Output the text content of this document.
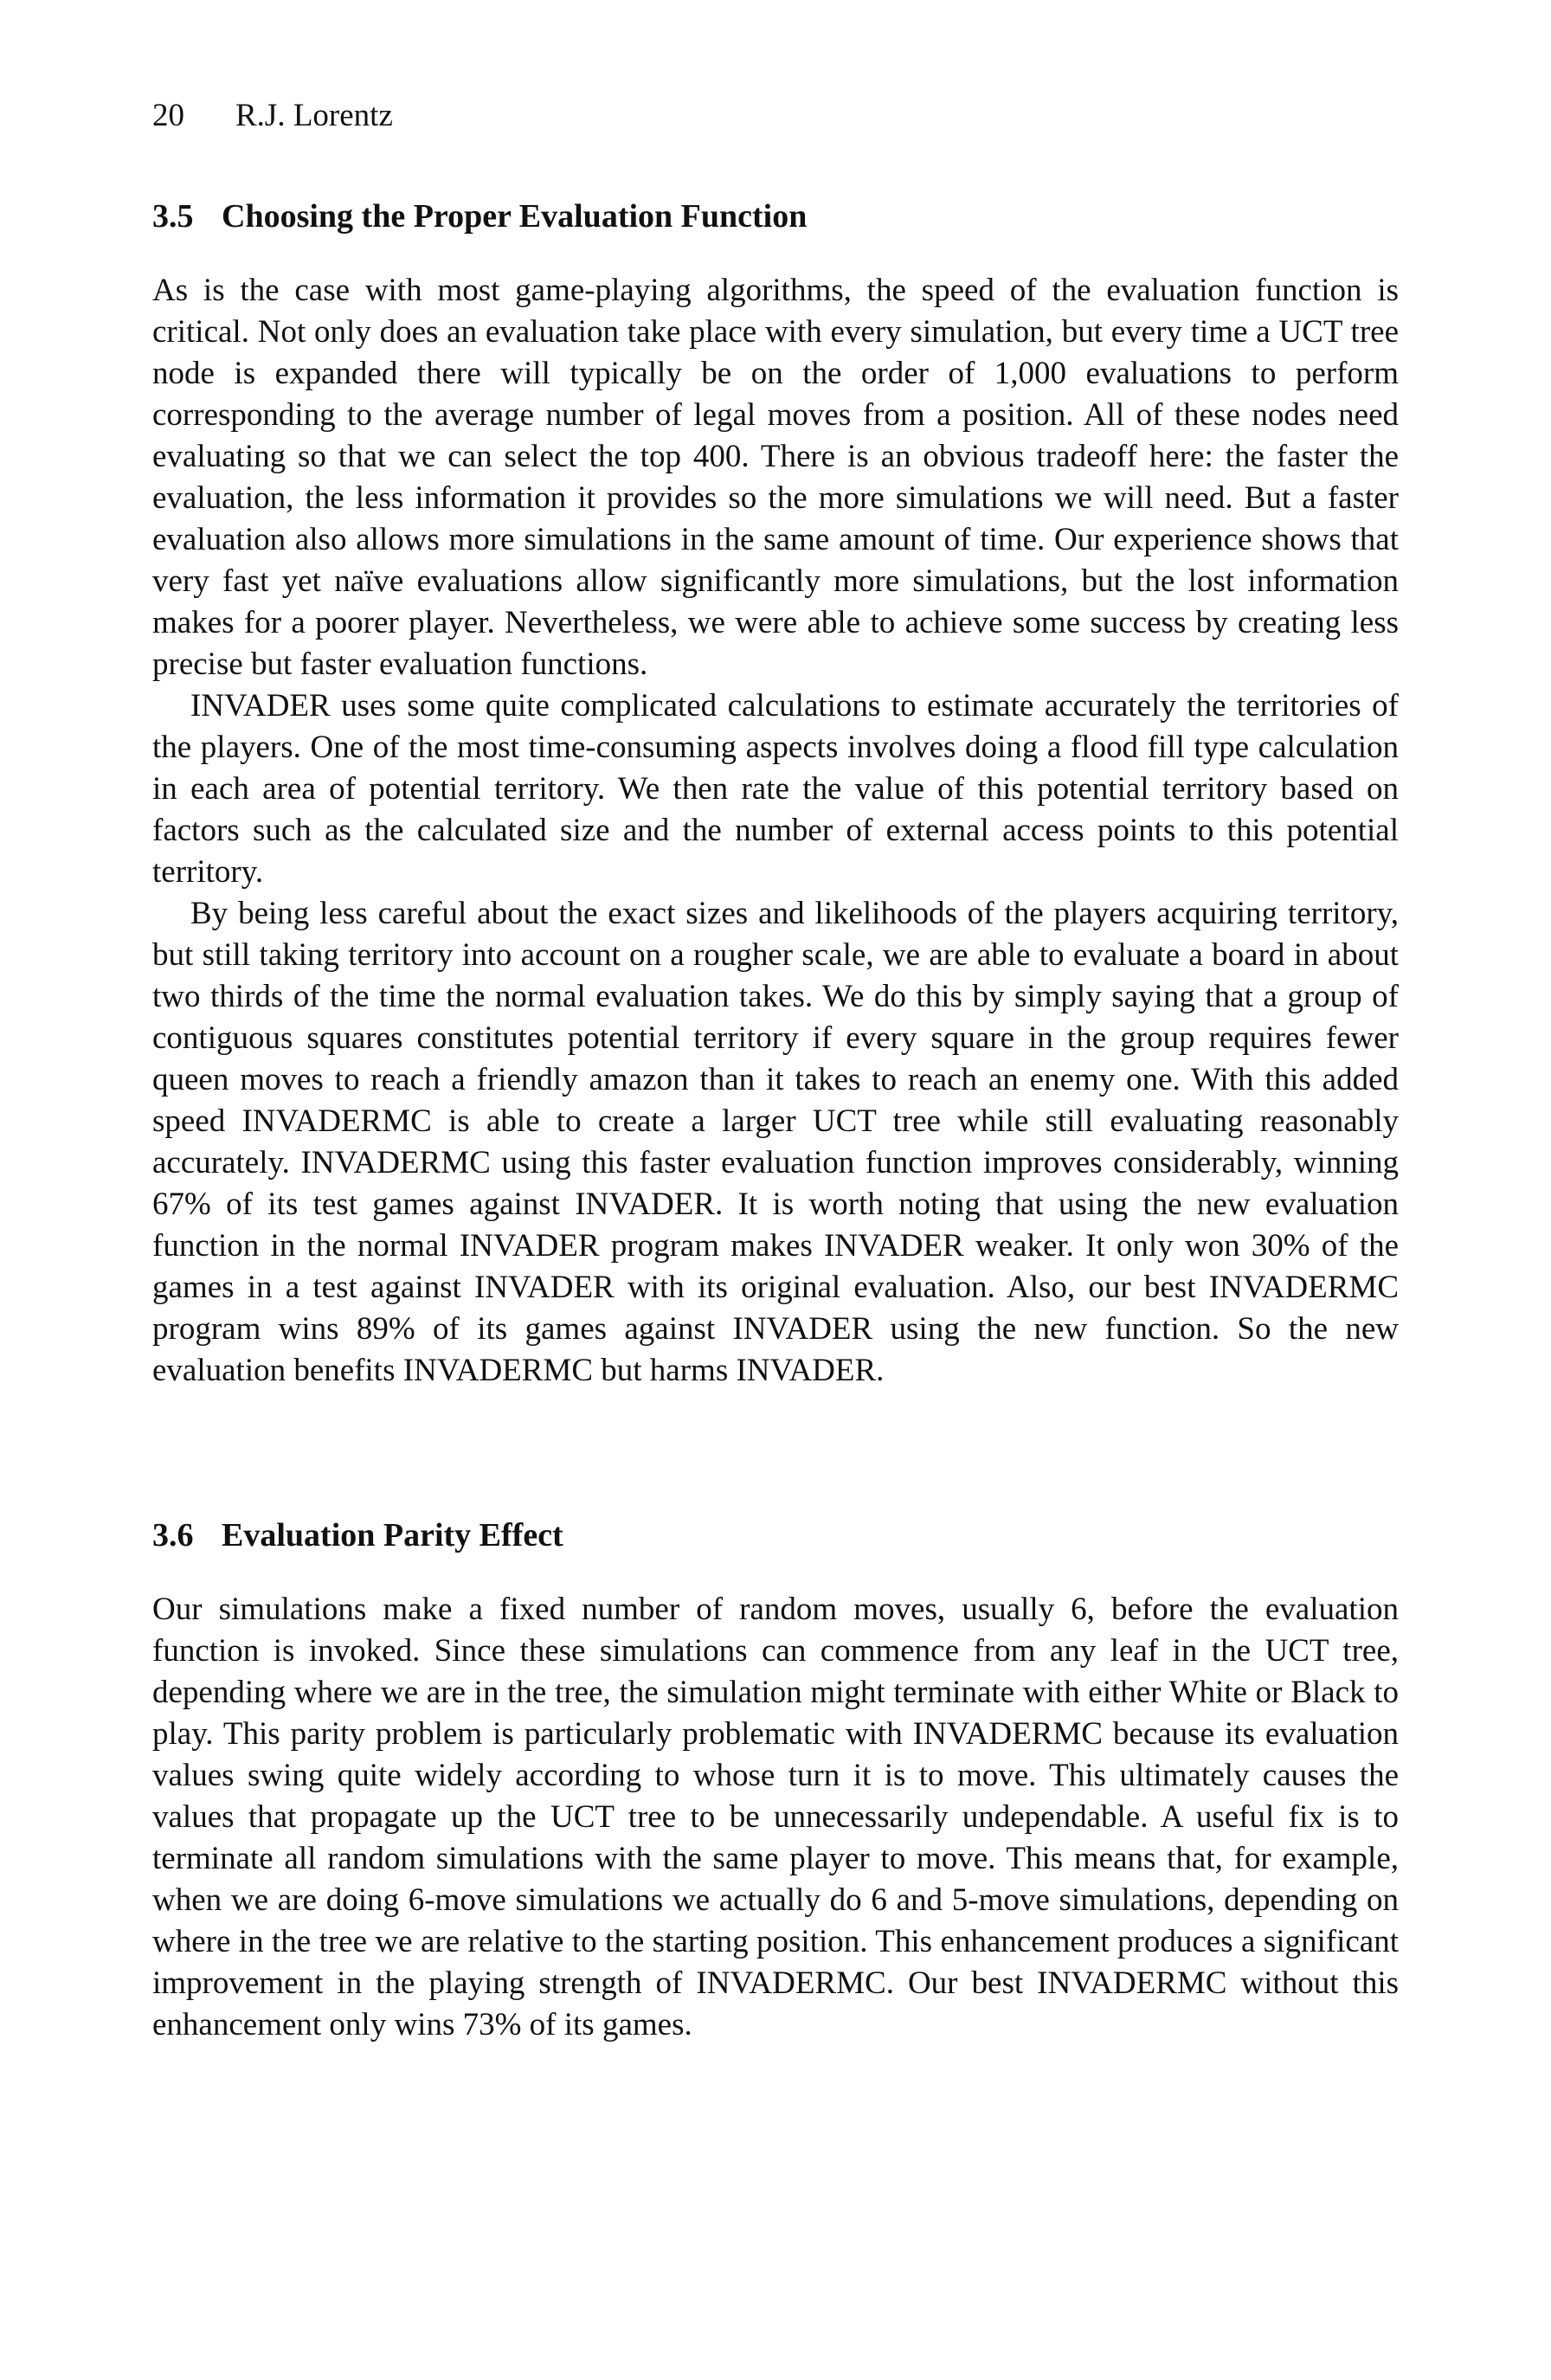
20 R.J. Lorentz
3.5 Choosing the Proper Evaluation Function

As is the case with most game-playing algorithms, the speed of the evaluation function is critical. Not only does an evaluation take place with every simulation, but every time a UCT tree node is expanded there will typically be on the order of 1,000 evaluations to perform corresponding to the average number of legal moves from a position. All of these nodes need evaluating so that we can select the top 400. There is an obvious tradeoff here: the faster the evaluation, the less information it provides so the more simulations we will need. But a faster evaluation also allows more simulations in the same amount of time. Our experience shows that very fast yet naïve evaluations allow significantly more simulations, but the lost information makes for a poorer player. Nevertheless, we were able to achieve some success by creating less precise but faster evaluation functions.

INVADER uses some quite complicated calculations to estimate accurately the territories of the players. One of the most time-consuming aspects involves doing a flood fill type calculation in each area of potential territory. We then rate the value of this potential territory based on factors such as the calculated size and the number of external access points to this potential territory.

By being less careful about the exact sizes and likelihoods of the players acquiring territory, but still taking territory into account on a rougher scale, we are able to evaluate a board in about two thirds of the time the normal evaluation takes. We do this by simply saying that a group of contiguous squares constitutes potential territory if every square in the group requires fewer queen moves to reach a friendly amazon than it takes to reach an enemy one. With this added speed INVADERMC is able to create a larger UCT tree while still evaluating reasonably accurately. INVADERMC using this faster evaluation function improves considerably, winning 67% of its test games against INVADER. It is worth noting that using the new evaluation function in the normal INVADER program makes INVADER weaker. It only won 30% of the games in a test against INVADER with its original evaluation. Also, our best INVADERMC program wins 89% of its games against INVADER using the new function. So the new evaluation benefits INVADERMC but harms INVADER.

3.6 Evaluation Parity Effect

Our simulations make a fixed number of random moves, usually 6, before the evaluation function is invoked. Since these simulations can commence from any leaf in the UCT tree, depending where we are in the tree, the simulation might terminate with either White or Black to play. This parity problem is particularly problematic with INVADERMC because its evaluation values swing quite widely according to whose turn it is to move. This ultimately causes the values that propagate up the UCT tree to be unnecessarily undependable. A useful fix is to terminate all random simulations with the same player to move. This means that, for example, when we are doing 6-move simulations we actually do 6 and 5-move simulations, depending on where in the tree we are relative to the starting position. This enhancement produces a significant improvement in the playing strength of INVADERMC. Our best INVADERMC without this enhancement only wins 73% of its games.
